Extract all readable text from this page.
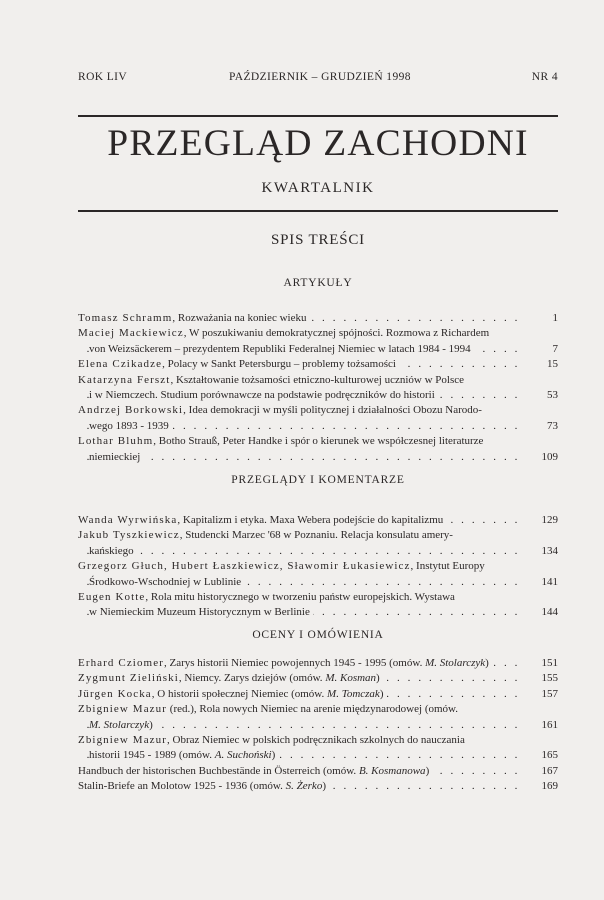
ROK LIV	PAŹDZIERNIK – GRUDZIEŃ 1998	NR 4
PRZEGLĄD ZACHODNI
KWARTALNIK
SPIS TREŚCI
ARTYKUŁY
. . . Tomasz Schramm, Rozważania na koniec wieku	1
Maciej Mackiewicz, W poszukiwaniu demokratycznej spójności. Rozmowa z Richardem
. . . von Weizsäckerem – prezydentem Republiki Federalnej Niemiec w latach 1984 - 1994	7
. . . Elena Czikadze, Polacy w Sankt Petersburgu – problemy tożsamości	15
Katarzyna Ferszt, Kształtowanie tożsamości etniczno-kulturowej uczniów w Polsce
. . . i w Niemczech. Studium porównawcze na podstawie podręczników do historii	53
Andrzej Borkowski, Idea demokracji w myśli politycznej i działalności Obozu Narodo-
. . . wego 1893 - 1939	73
Lothar Bluhm, Botho Strauß, Peter Handke i spór o kierunek we współczesnej literaturze
. . . niemieckiej	109
PRZEGLĄDY I KOMENTARZE
. . . Wanda Wyrwińska, Kapitalizm i etyka. Maxa Webera podejście do kapitalizmu	129
Jakub Tyszkiewicz, Studencki Marzec '68 w Poznaniu. Relacja konsulatu amery-
. . . kańskiego	134
Grzegorz Głuch, Hubert Łaszkiewicz, Sławomir Łukasiewicz, Instytut Europy
. . . Środkowo-Wschodniej w Lublinie	141
Eugen Kotte, Rola mitu historycznego w tworzeniu państw europejskich. Wystawa
. . . w Niemieckim Muzeum Historycznym w Berlinie	144
OCENY I OMÓWIENIA
. . . Erhard Cziomer, Zarys historii Niemiec powojennych 1945 - 1995 (omów. M. Stolarczyk)	151
. . . Zygmunt Zieliński, Niemcy. Zarys dziejów (omów. M. Kosman)	155
. . . Jürgen Kocka, O historii społecznej Niemiec (omów. M. Tomczak)	157
Zbigniew Mazur (red.), Rola nowych Niemiec na arenie międzynarodowej (omów.
. . . M. Stolarczyk)	161
Zbigniew Mazur, Obraz Niemiec w polskich podręcznikach szkolnych do nauczania
. . . historii 1945 - 1989 (omów. A. Suchoński)	165
. . . Handbuch der historischen Buchbestände in Österreich (omów. B. Kosmanowa)	167
. . . Stalin-Briefe an Molotow 1925 - 1936 (omów. S. Żerko)	169
